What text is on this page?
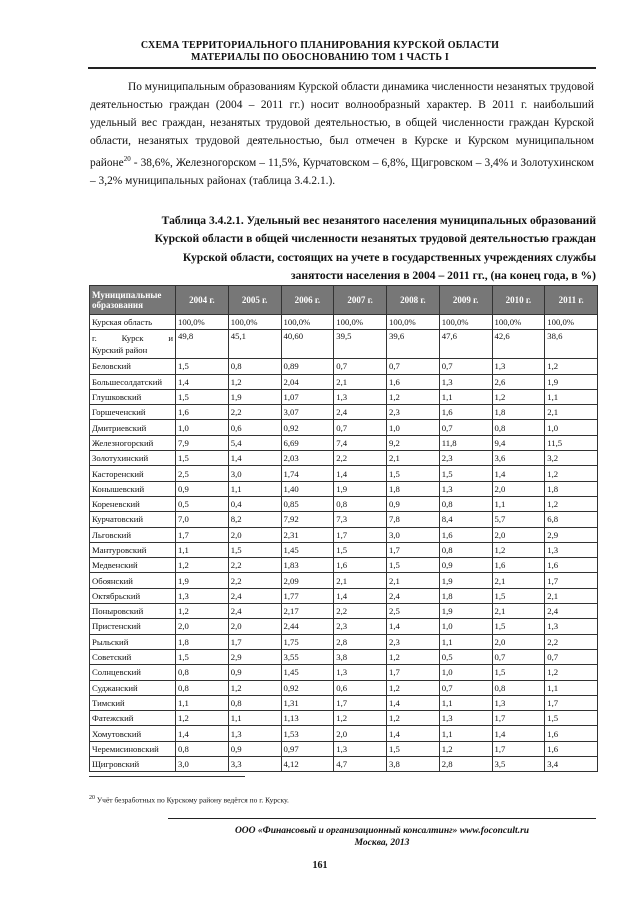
СХЕМА ТЕРРИТОРИАЛЬНОГО ПЛАНИРОВАНИЯ КУРСКОЙ ОБЛАСТИ
МАТЕРИАЛЫ ПО ОБОСНОВАНИЮ ТОМ 1 ЧАСТЬ I
По муниципальным образованиям Курской области динамика численности незанятых трудовой деятельностью граждан (2004 – 2011 гг.) носит волнообразный характер. В 2011 г. наибольший удельный вес граждан, незанятых трудовой деятельностью, в общей численности граждан Курской области, незанятых трудовой деятельностью, был отмечен в Курске и Курском муниципальном районе$^{20}$ - 38,6%, Железногорском – 11,5%, Курчатовском – 6,8%, Щигровском – 3,4% и Золотухинском – 3,2% муниципальных районах (таблица 3.4.2.1.).
Таблица 3.4.2.1. Удельный вес незанятого населения муниципальных образований
Курской области в общей численности незанятых трудовой деятельностью граждан
Курской области, состоящих на учете в государственных учреждениях службы
занятости населения в 2004 – 2011 гг., (на конец года, в %)
Муниципальные
образования	2004 г.	2005 г.	2006 г.	2007 г.	2008 г.	2009 г.	2010 г.	2011 г.
Курская область	100,0%	100,0%	100,0%	100,0%	100,0%	100,0%	100,0%	100,0%

г. Курск и
Курский район	49,8	45,1	40,60	39,5	39,6	47,6	42,6	38,6
Беловский	1,5	0,8	0,89	0,7	0,7	0,7	1,3	1,2
Большесолдатский	1,4	1,2	2,04	2,1	1,6	1,3	2,6	1,9
Глушковский	1,5	1,9	1,07	1,3	1,2	1,1	1,2	1,1
Горшеченский	1,6	2,2	3,07	2,4	2,3	1,6	1,8	2,1
Дмитриевский	1,0	0,6	0,92	0,7	1,0	0,7	0,8	1,0
Железногорский	7,9	5,4	6,69	7,4	9,2	11,8	9,4	11,5
Золотухинский	1,5	1,4	2,03	2,2	2,1	2,3	3,6	3,2
Касторенский	2,5	3,0	1,74	1,4	1,5	1,5	1,4	1,2
Конышевский	0,9	1,1	1,40	1,9	1,8	1,3	2,0	1,8
Кореневский	0,5	0,4	0,85	0,8	0,9	0,8	1,1	1,2
Курчатовский	7,0	8,2	7,92	7,3	7,8	8,4	5,7	6,8
Льговский	1,7	2,0	2,31	1,7	3,0	1,6	2,0	2,9
Мантуровский	1,1	1,5	1,45	1,5	1,7	0,8	1,2	1,3
Медвенский	1,2	2,2	1,83	1,6	1,5	0,9	1,6	1,6
Обоянский	1,9	2,2	2,09	2,1	2,1	1,9	2,1	1,7
Октябрьский	1,3	2,4	1,77	1,4	2,4	1,8	1,5	2,1
Поныровский	1,2	2,4	2,17	2,2	2,5	1,9	2,1	2,4
Пристенский	2,0	2,0	2,44	2,3	1,4	1,0	1,5	1,3
Рыльский	1,8	1,7	1,75	2,8	2,3	1,1	2,0	2,2
Советский	1,5	2,9	3,55	3,8	1,2	0,5	0,7	0,7
Солнцевский	0,8	0,9	1,45	1,3	1,7	1,0	1,5	1,2
Суджанский	0,8	1,2	0,92	0,6	1,2	0,7	0,8	1,1
Тимский	1,1	0,8	1,31	1,7	1,4	1,1	1,3	1,7
Фатежский	1,2	1,1	1,13	1,2	1,2	1,3	1,7	1,5
Хомутовский	1,4	1,3	1,53	2,0	1,4	1,1	1,4	1,6
Черемисиновский	0,8	0,9	0,97	1,3	1,5	1,2	1,7	1,6
Щигровский	3,0	3,3	4,12	4,7	3,8	2,8	3,5	3,4
$^{20}$ Учёт безработных по Курскому району ведётся по г. Курску.
ООО «Финансовый и организационный консалтинг» www.foconcult.ru
Москва, 2013
161
